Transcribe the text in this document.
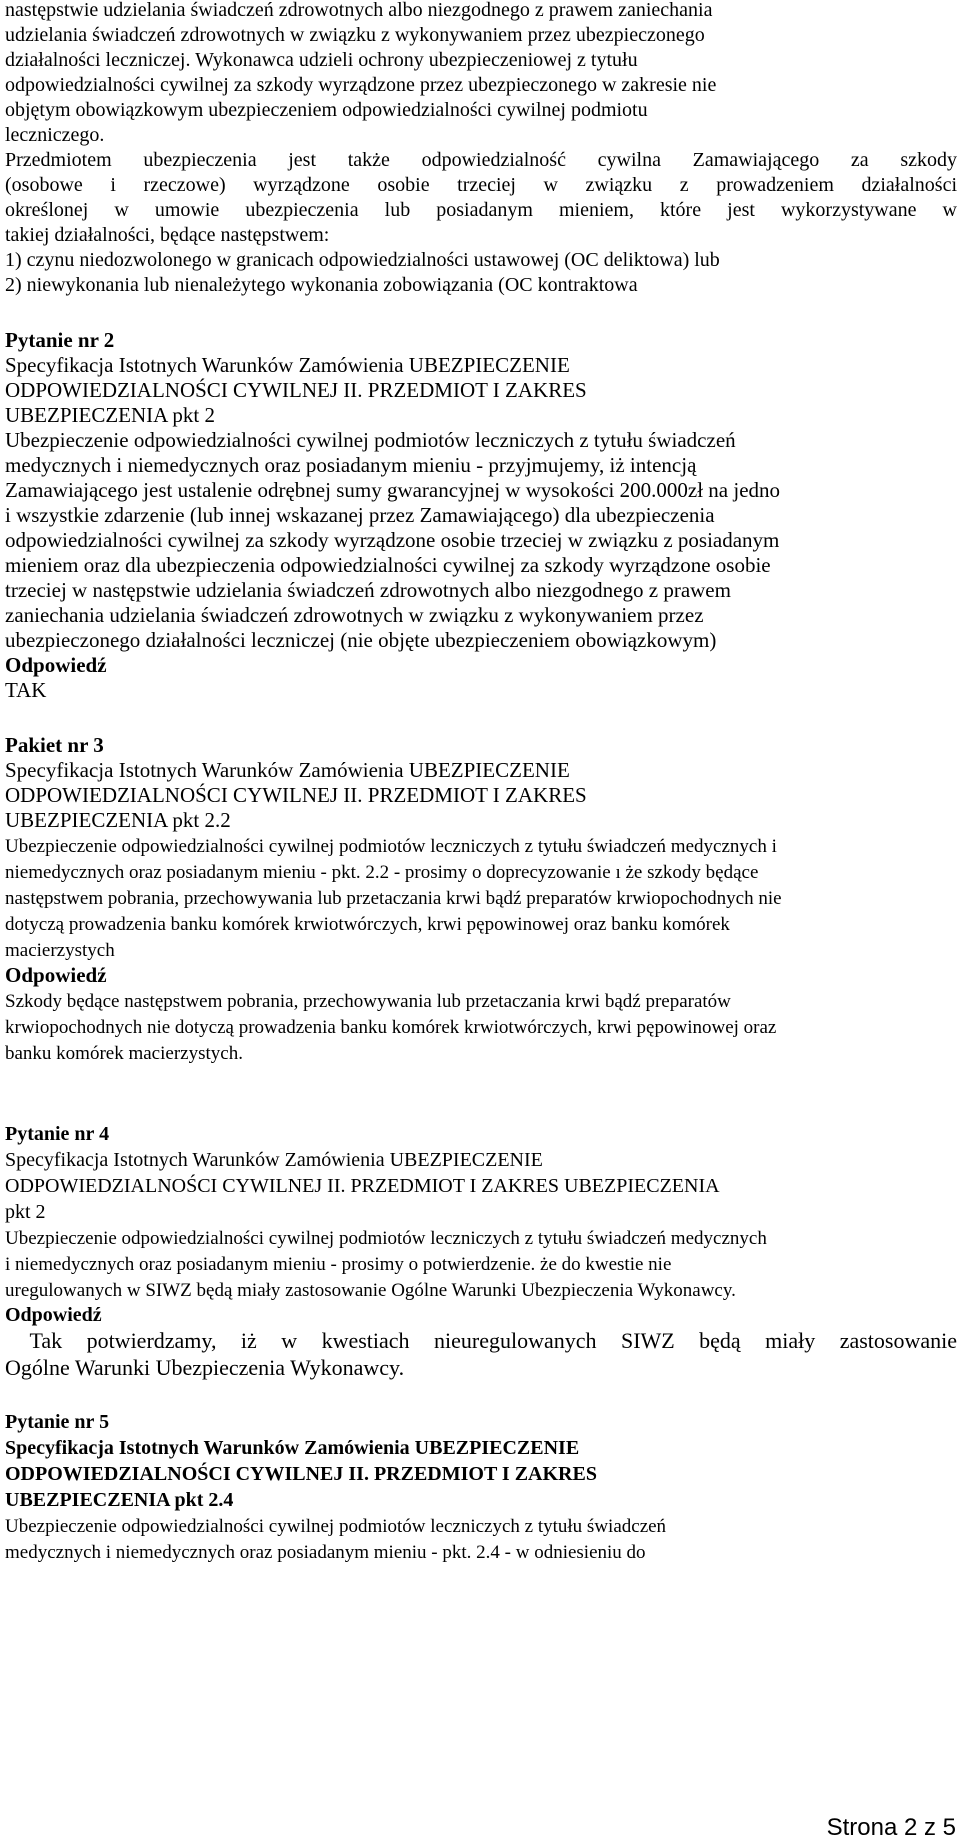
następstwie udzielania świadczeń zdrowotnych albo niezgodnego z prawem zaniechania
udzielania świadczeń zdrowotnych w związku z wykonywaniem przez ubezpieczonego
działalności leczniczej. Wykonawca udzieli ochrony ubezpieczeniowej z tytułu
odpowiedzialności cywilnej za szkody wyrządzone przez ubezpieczonego w zakresie nie
objętym obowiązkowym ubezpieczeniem odpowiedzialności cywilnej podmiotu
leczniczego.
Przedmiotem ubezpieczenia jest także odpowiedzialność cywilna Zamawiającego za szkody
(osobowe i rzeczowe) wyrządzone osobie trzeciej w związku z prowadzeniem działalności
określonej w umowie ubezpieczenia lub posiadanym mieniem, które jest wykorzystywane w
takiej działalności, będące następstwem:
1) czynu niedozwolonego w granicach odpowiedzialności ustawowej (OC deliktowa) lub
2) niewykonania lub nienależytego wykonania zobowiązania (OC kontraktowa
Pytanie nr 2
Specyfikacja Istotnych Warunków Zamówienia UBEZPIECZENIE
ODPOWIEDZIALNOŚCI CYWILNEJ II. PRZEDMIOT I ZAKRES
UBEZPIECZENIA pkt 2
Ubezpieczenie odpowiedzialności cywilnej podmiotów leczniczych z tytułu świadczeń
medycznych i niemedycznych oraz posiadanym mieniu - przyjmujemy, iż intencją
Zamawiającego jest ustalenie odrębnej sumy gwarancyjnej w wysokości 200.000zł na jedno
i wszystkie zdarzenie (lub innej wskazanej przez Zamawiającego) dla ubezpieczenia
odpowiedzialności cywilnej za szkody wyrządzone osobie trzeciej w związku z posiadanym
mieniem oraz dla ubezpieczenia odpowiedzialności cywilnej za szkody wyrządzone osobie
trzeciej w następstwie udzielania świadczeń zdrowotnych albo niezgodnego z prawem
zaniechania udzielania świadczeń zdrowotnych w związku z wykonywaniem przez
ubezpieczonego działalności leczniczej (nie objęte ubezpieczeniem obowiązkowym)
Odpowiedź
TAK
Pakiet nr 3
Specyfikacja Istotnych Warunków Zamówienia UBEZPIECZENIE
ODPOWIEDZIALNOŚCI CYWILNEJ II. PRZEDMIOT I ZAKRES
UBEZPIECZENIA pkt 2.2
Ubezpieczenie odpowiedzialności cywilnej podmiotów leczniczych z tytułu świadczeń medycznych i
niemedycznych oraz posiadanym mieniu - pkt. 2.2 - prosimy o doprecyzowanie ı że szkody będące
następstwem pobrania, przechowywania lub przetaczania krwi bądź preparatów krwiopochodnych nie
dotyczą prowadzenia banku komórek krwiotwórczych, krwi pępowinowej oraz banku komórek
macierzystych
Odpowiedź
Szkody będące następstwem pobrania, przechowywania lub przetaczania krwi bądź preparatów
krwiopochodnych nie dotyczą prowadzenia banku komórek krwiotwórczych, krwi pępowinowej oraz
banku komórek macierzystych.
Pytanie nr 4
Specyfikacja Istotnych Warunków Zamówienia UBEZPIECZENIE
ODPOWIEDZIALNOŚCI CYWILNEJ II. PRZEDMIOT I ZAKRES UBEZPIECZENIA
pkt 2
Ubezpieczenie odpowiedzialności cywilnej podmiotów leczniczych z tytułu świadczeń medycznych
i niemedycznych oraz posiadanym mieniu - prosimy o potwierdzenie. że do kwestie nie
uregulowanych w SIWZ będą miały zastosowanie Ogólne Warunki Ubezpieczenia Wykonawcy.
Odpowiedź
Tak potwierdzamy, iż w kwestiach nieuregulowanych SIWZ będą miały zastosowanie
Ogólne Warunki Ubezpieczenia Wykonawcy.
Pytanie nr 5
Specyfikacja Istotnych Warunków Zamówienia UBEZPIECZENIE
ODPOWIEDZIALNOŚCI CYWILNEJ II. PRZEDMIOT I ZAKRES
UBEZPIECZENIA pkt 2.4
Ubezpieczenie odpowiedzialności cywilnej podmiotów leczniczych z tytułu świadczeń
medycznych i niemedycznych oraz posiadanym mieniu - pkt. 2.4 - w odniesieniu do
Strona 2 z 5
